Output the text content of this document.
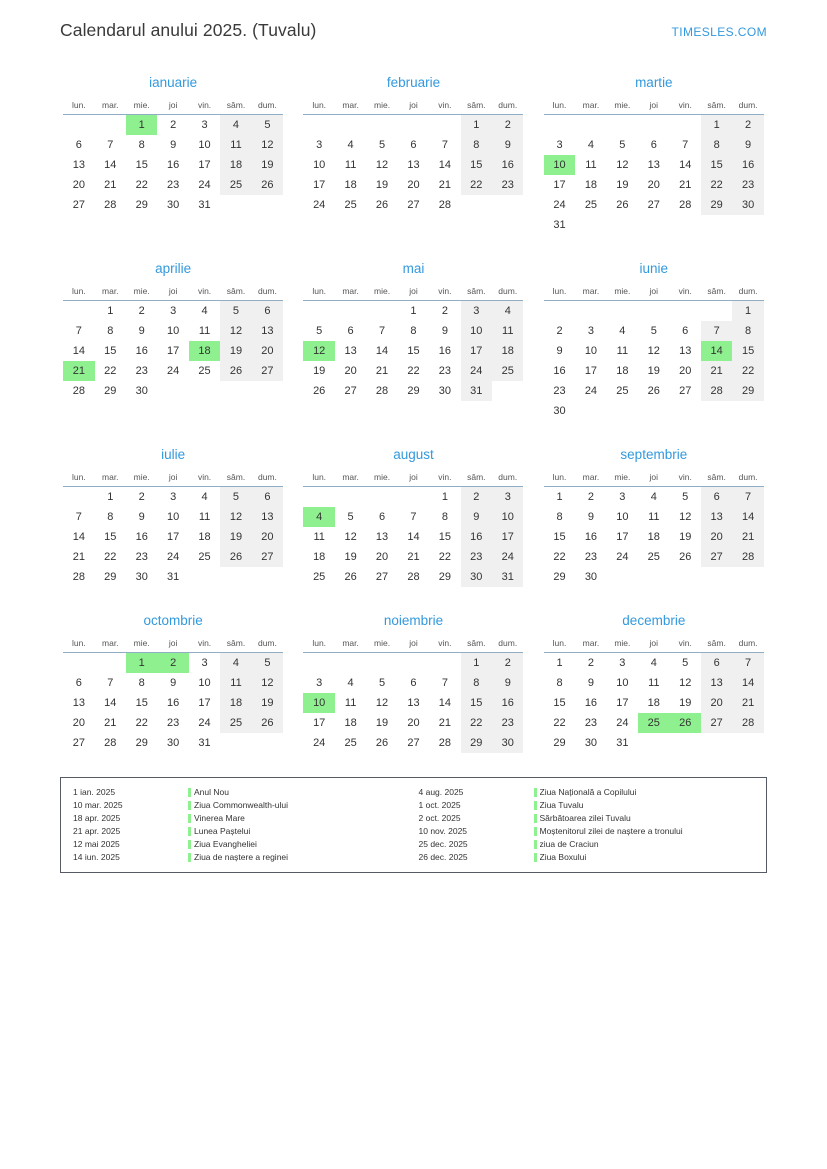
Calendarul anului 2025. (Tuvalu)	TIMESLES.COM
ianuarie
lun.	mar.	mie.	joi	vin.	sâm.	dum.
		1	2	3	4	5
6	7	8	9	10	11	12
13	14	15	16	17	18	19
20	21	22	23	24	25	26
27	28	29	30	31		
februarie
lun.	mar.	mie.	joi	vin.	sâm.	dum.
					1	2
3	4	5	6	7	8	9
10	11	12	13	14	15	16
17	18	19	20	21	22	23
24	25	26	27	28		
martie
lun.	mar.	mie.	joi	vin.	sâm.	dum.
					1	2
3	4	5	6	7	8	9
10	11	12	13	14	15	16
17	18	19	20	21	22	23
24	25	26	27	28	29	30
31						
aprilie
lun.	mar.	mie.	joi	vin.	sâm.	dum.
	1	2	3	4	5	6
7	8	9	10	11	12	13
14	15	16	17	18	19	20
21	22	23	24	25	26	27
28	29	30				
mai
lun.	mar.	mie.	joi	vin.	sâm.	dum.
			1	2	3	4
5	6	7	8	9	10	11
12	13	14	15	16	17	18
19	20	21	22	23	24	25
26	27	28	29	30	31	
iunie
lun.	mar.	mie.	joi	vin.	sâm.	dum.
						1
2	3	4	5	6	7	8
9	10	11	12	13	14	15
16	17	18	19	20	21	22
23	24	25	26	27	28	29
30						
iulie
lun.	mar.	mie.	joi	vin.	sâm.	dum.
	1	2	3	4	5	6
7	8	9	10	11	12	13
14	15	16	17	18	19	20
21	22	23	24	25	26	27
28	29	30	31			
august
lun.	mar.	mie.	joi	vin.	sâm.	dum.
				1	2	3
4	5	6	7	8	9	10
11	12	13	14	15	16	17
18	19	20	21	22	23	24
25	26	27	28	29	30	31
septembrie
lun.	mar.	mie.	joi	vin.	sâm.	dum.
1	2	3	4	5	6	7
8	9	10	11	12	13	14
15	16	17	18	19	20	21
22	23	24	25	26	27	28
29	30					
octombrie
lun.	mar.	mie.	joi	vin.	sâm.	dum.
		1	2	3	4	5
6	7	8	9	10	11	12
13	14	15	16	17	18	19
20	21	22	23	24	25	26
27	28	29	30	31		
noiembrie
lun.	mar.	mie.	joi	vin.	sâm.	dum.
					1	2
3	4	5	6	7	8	9
10	11	12	13	14	15	16
17	18	19	20	21	22	23
24	25	26	27	28	29	30
decembrie
lun.	mar.	mie.	joi	vin.	sâm.	dum.
1	2	3	4	5	6	7
8	9	10	11	12	13	14
15	16	17	18	19	20	21
22	23	24	25	26	27	28
29	30	31				
1 ian. 2025	Anul Nou
10 mar. 2025	Ziua Commonwealth-ului
18 apr. 2025	Vinerea Mare
21 apr. 2025	Lunea Paștelui
12 mai 2025	Ziua Evangheliei
14 iun. 2025	Ziua de naștere a reginei
4 aug. 2025	Ziua Națională a Copilului
1 oct. 2025	Ziua Tuvalu
2 oct. 2025	Sărbătoarea zilei Tuvalu
10 nov. 2025	Moștenitorul zilei de naștere a tronului
25 dec. 2025	ziua de Craciun
26 dec. 2025	Ziua Boxului
